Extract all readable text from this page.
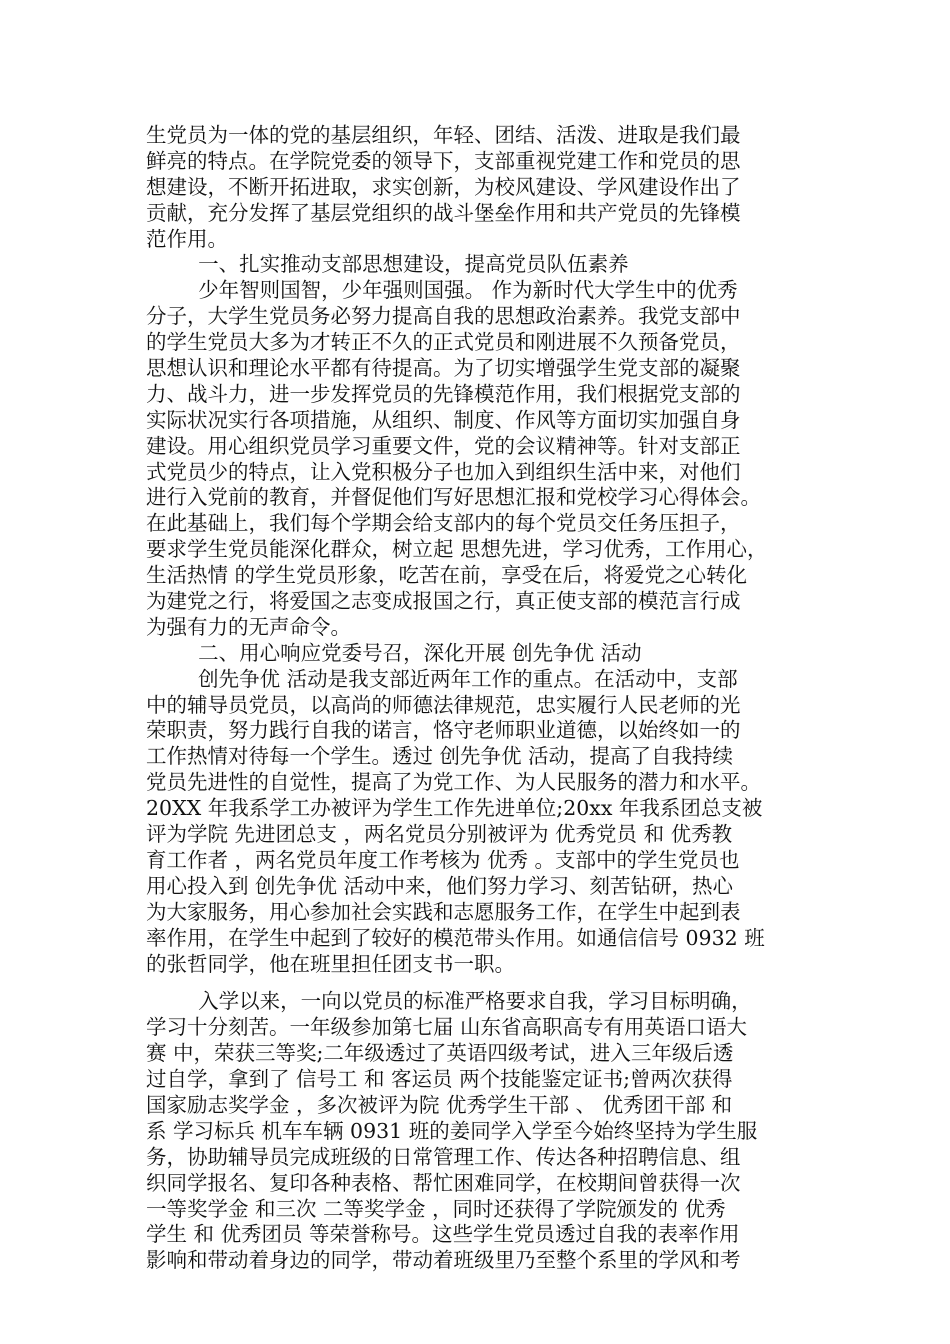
生党员为一体的党的基层组织，年轻、团结、活泼、进取是我们最
鲜亮的特点。在学院党委的领导下，支部重视党建工作和党员的思
想建设，不断开拓进取，求实创新，为校风建设、学风建设作出了
贡献，充分发挥了基层党组织的战斗堡垒作用和共产党员的先锋模
范作用。
一、扎实推动支部思想建设，提高党员队伍素养
少年智则国智，少年强则国强。 作为新时代大学生中的优秀
分子，大学生党员务必努力提高自我的思想政治素养。我党支部中
的学生党员大多为才转正不久的正式党员和刚进展不久预备党员，
思想认识和理论水平都有待提高。为了切实增强学生党支部的凝聚
力、战斗力，进一步发挥党员的先锋模范作用，我们根据党支部的
实际状况实行各项措施，从组织、制度、作风等方面切实加强自身
建设。用心组织党员学习重要文件，党的会议精神等。针对支部正
式党员少的特点，让入党积极分子也加入到组织生活中来，对他们
进行入党前的教育，并督促他们写好思想汇报和党校学习心得体会。
在此基础上，我们每个学期会给支部内的每个党员交任务压担子，
要求学生党员能深化群众，树立起 思想先进，学习优秀，工作用心，
生活热情 的学生党员形象，吃苦在前，享受在后，将爱党之心转化
为建党之行，将爱国之志变成报国之行，真正使支部的模范言行成
为强有力的无声命令。
二、用心响应党委号召，深化开展 创先争优 活动
创先争优 活动是我支部近两年工作的重点。在活动中，支部
中的辅导员党员，以高尚的师德法律规范，忠实履行人民老师的光
荣职责，努力践行自我的诺言，恪守老师职业道德，以始终如一的
工作热情对待每一个学生。透过 创先争优 活动，提高了自我持续
党员先进性的自觉性，提高了为党工作、为人民服务的潜力和水平。
20XX 年我系学工办被评为学生工作先进单位;20xx 年我系团总支被
评为学院 先进团总支 ，两名党员分别被评为 优秀党员 和 优秀教
育工作者 ，两名党员年度工作考核为 优秀 。支部中的学生党员也
用心投入到 创先争优 活动中来，他们努力学习、刻苦钻研，热心
为大家服务，用心参加社会实践和志愿服务工作，在学生中起到表
率作用，在学生中起到了较好的模范带头作用。如通信信号 0932 班
的张哲同学，他在班里担任团支书一职。
入学以来，一向以党员的标准严格要求自我，学习目标明确，
学习十分刻苦。一年级参加第七届 山东省高职高专有用英语口语大
赛 中，荣获三等奖;二年级透过了英语四级考试，进入三年级后透
过自学，拿到了 信号工 和 客运员 两个技能鉴定证书;曾两次获得
国家励志奖学金 ，多次被评为院 优秀学生干部 、 优秀团干部 和
系 学习标兵 机车车辆 0931 班的姜同学入学至今始终坚持为学生服
务，协助辅导员完成班级的日常管理工作、传达各种招聘信息、组
织同学报名、复印各种表格、帮忙困难同学，在校期间曾获得一次
一等奖学金 和三次 二等奖学金 ，同时还获得了学院颁发的 优秀
学生 和 优秀团员 等荣誉称号。这些学生党员透过自我的表率作用
影响和带动着身边的同学，带动着班级里乃至整个系里的学风和考
